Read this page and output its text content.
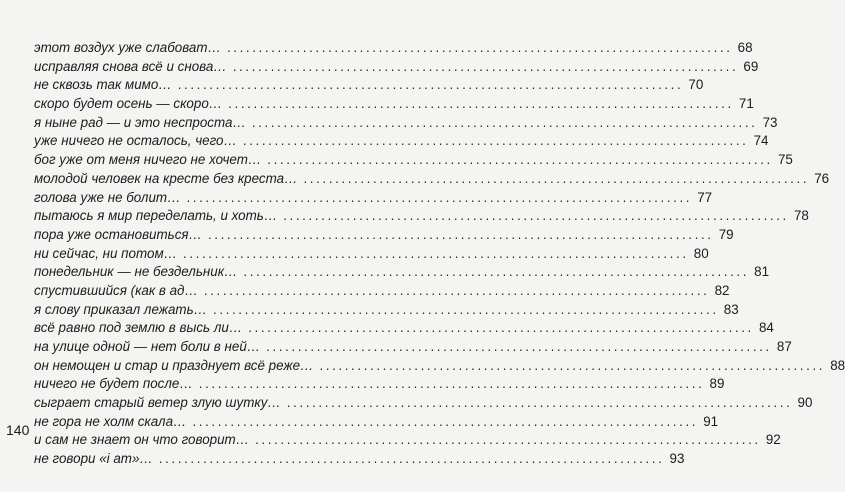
этот воздух уже слабоват… ................................................................................ 68
исправляя снова всё и снова… ................................................................................ 69
не сквозь так мимо… ................................................................................ 70
скоро будет осень — скоро… ................................................................................ 71
я ныне рад — и это неспроста… ................................................................................ 73
уже ничего не осталось, чего… ................................................................................ 74
бог уже от меня ничего не хочет… ................................................................................ 75
молодой человек на кресте без креста… ................................................................................ 76
голова уже не болит… ................................................................................ 77
пытаюсь я мир переделать, и хоть… ................................................................................ 78
пора уже остановиться… ................................................................................ 79
ни сейчас, ни потом… ................................................................................ 80
понедельник — не бездельник… ................................................................................ 81
спустившийся (как в ад… ................................................................................ 82
я слову приказал лежать… ................................................................................ 83
всё равно под землю в высь ли… ................................................................................ 84
на улице одной — нет боли в ней… ................................................................................ 87
он немощен и стар и празднует всё реже… ................................................................................ 88
ничего не будет после… ................................................................................ 89
сыграет старый ветер злую шутку… ................................................................................ 90
не гора не холм скала… ................................................................................ 91
и сам не знает он что говорит… ................................................................................ 92
не говори «i am»… ................................................................................ 93
140
